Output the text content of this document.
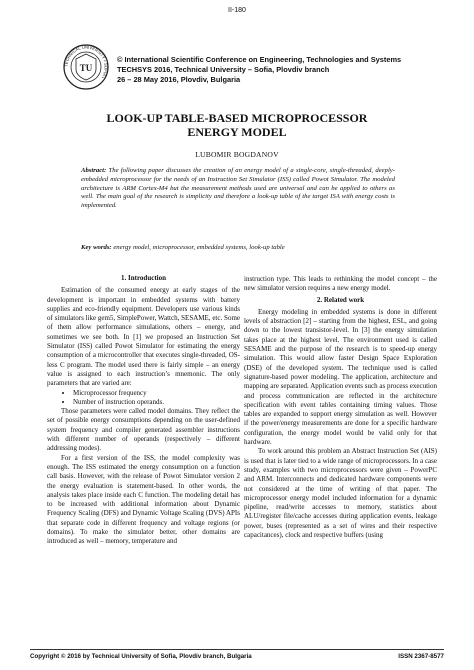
II-180
TECHNICAL UNIVERSITY • SOFIA •
TU
© International Scientific Conference on Engineering, Technologies and Systems
TECHSYS 2016, Technical University – Sofia, Plovdiv branch
26 – 28 May 2016, Plovdiv, Bulgaria
LOOK-UP TABLE-BASED MICROPROCESSOR
ENERGY MODEL
LUBOMIR BOGDANOV
Abstract: The following paper discusses the creation of an energy model of a single-core, single-threaded, deeply-embedded microprocessor for the needs of an Instruction Set Simulator (ISS) called Powot Simulator. The modeled architecture is ARM Cortex-M4 but the measurement methods used are universal and can be applied to others as well. The main goal of the research is simplicity and therefore a look-up table of the target ISA with energy costs is implemented.
Key words: energy model, microprocessor, embedded systems, look-up table
1. Introduction

Estimation of the consumed energy at early stages of the development is important in embedded systems with battery supplies and eco-friendly equipment. Developers use various kinds of simulators like gem5, SimplePower, Wattch, SESAME, etc. Some of them allow performance simulations, others – energy, and sometimes we see both. In [1] we proposed an Instruction Set Simulator (ISS) called Powot Simulator for estimating the energy consumption of a microcontroller that executes single-threaded, OS-less C program. The model used there is fairly simple – an energy value is assigned to each instruction’s mnemonic. The only parameters that are varied are:

• Microprocessor frequency
• Number of instruction operands.

Those parameters were called model domains. They reflect the set of possible energy consumptions depending on the user-defined system frequency and compiler generated assembler instructions with different number of operands (respectively – different addressing modes).

For a first version of the ISS, the model complexity was enough. The ISS estimated the energy consumption on a function call basis. However, with the release of Powot Simulator version 2 the energy evaluation is statement-based. In other words, the analysis takes place inside each C function. The modeling detail has to be increased with additional information about Dynamic Frequency Scaling (DFS) and Dynamic Voltage Scaling (DVS) APIs that separate code in different frequency and voltage regions (or domains). To make the simulator better, other domains are introduced as well – memory, temperature and

instruction type. This leads to rethinking the model concept – the new simulator version requires a new energy model.

2. Related work

Energy modeling in embedded systems is done in different levels of abstraction [2] – starting from the highest, ESL, and going down to the lowest transistor-level. In [3] the energy simulation takes place at the highest level. The environment used is called SESAME and the purpose of the research is to speed-up energy simulation. This would allow faster Design Space Exploration (DSE) of the developed system. The technique used is called signature-based power modeling. The application, architecture and mapping are separated. Application events such as process execution and process communication are reflected in the architecture specification with event tables containing timing values. Those tables are expanded to support energy simulation as well. However if the power/energy measurements are done for a specific hardware configuration, the energy model would be valid only for that hardware.

To work around this problem an Abstract Instruction Set (AIS) is used that is later tied to a wide range of microprocessors. In a case study, examples with two microprocessors were given – PowerPC and ARM. Interconnects and dedicated hardware components were not considered at the time of writing of that paper. The microprocessor energy model included information for a dynamic pipeline, read/write accesses to memory, statistics about ALU/register file/cache accesses during application events, leakage power, buses (represented as a set of wires and their respective capacitances), clock and respective buffers (using

Copyright © 2016 by Technical University of Sofia, Plovdiv branch, Bulgaria	ISSN 2367-8577
